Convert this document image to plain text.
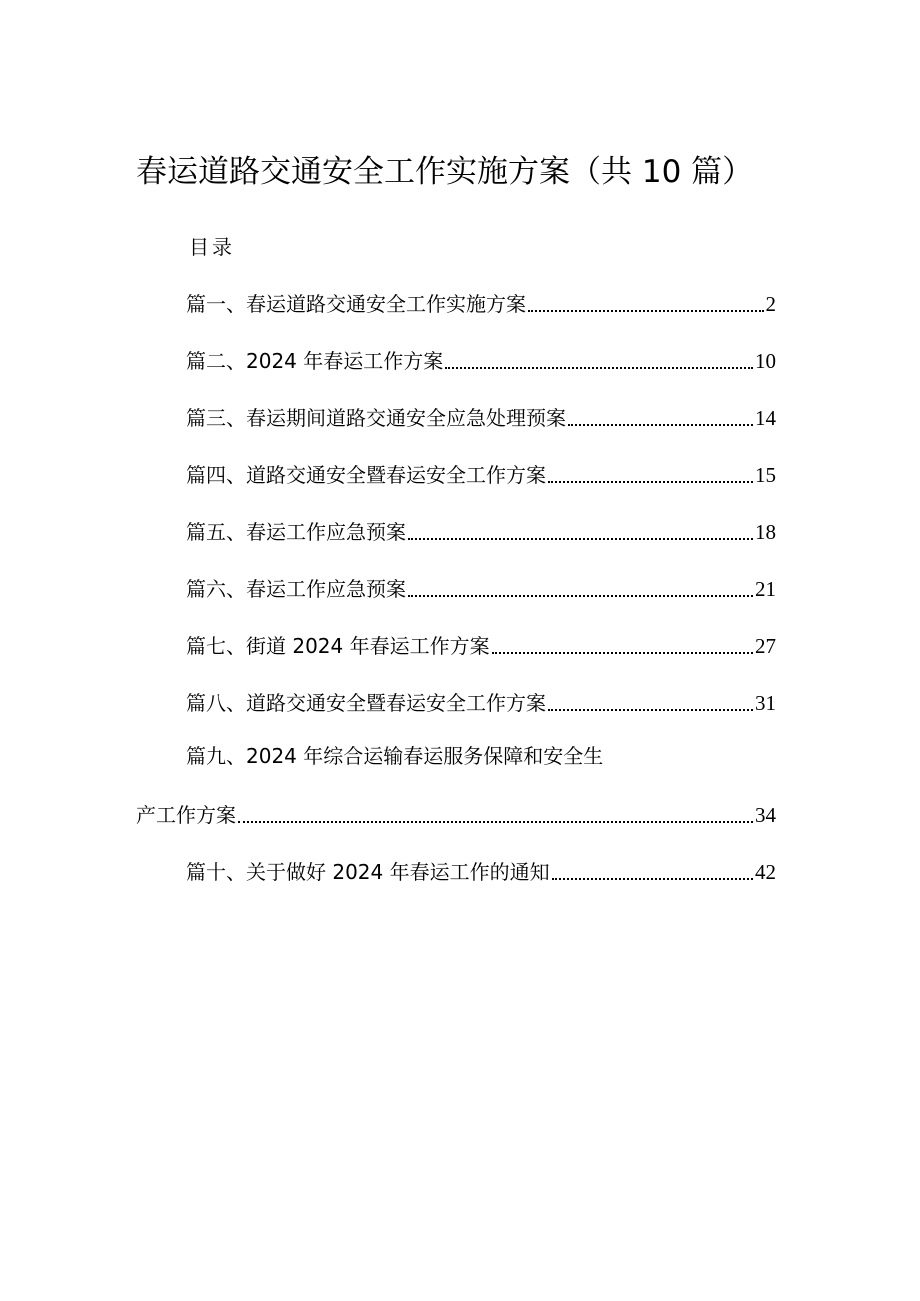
春运道路交通安全工作实施方案（共 10 篇）
目录
篇一、春运道路交通安全工作实施方案	2
篇二、2024 年春运工作方案	10
篇三、春运期间道路交通安全应急处理预案	14
篇四、道路交通安全暨春运安全工作方案	15
篇五、春运工作应急预案	18
篇六、春运工作应急预案	21
篇七、街道 2024 年春运工作方案	27
篇八、道路交通安全暨春运安全工作方案	31
篇九、2024 年综合运输春运服务保障和安全生
产工作方案	34
篇十、关于做好 2024 年春运工作的通知	42
